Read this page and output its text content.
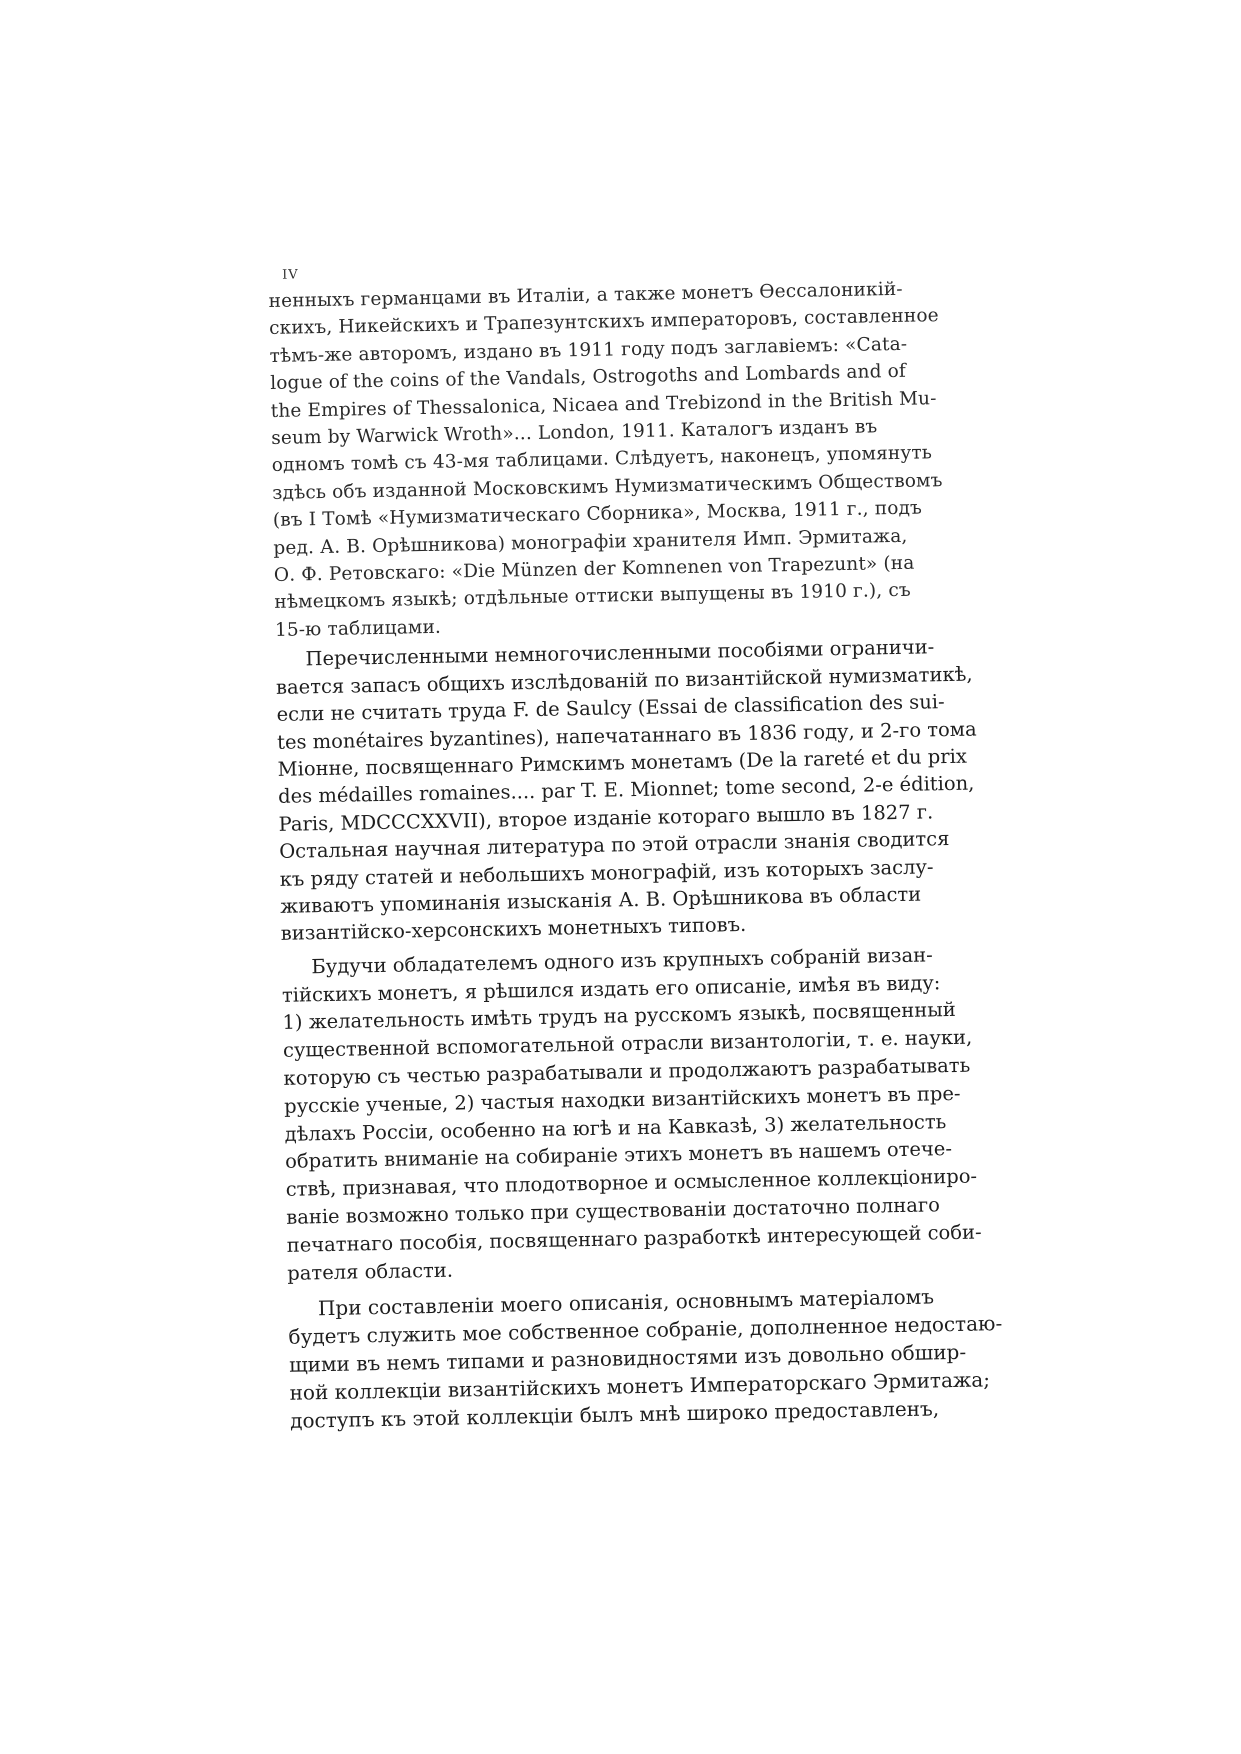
IV

ненныхъ германцами въ Италіи, а также монетъ Ѳессалоникій-
скихъ, Никейскихъ и Трапезунтскихъ императоровъ, составленное
тѣмъ-же авторомъ, издано въ 1911 году подъ заглавіемъ: «Cata-
logue of the coins of the Vandals, Ostrogoths and Lombards and of
the Empires of Thessalonica, Nicaea and Trebizond in the British Mu-
seum by Warwick Wroth»... London, 1911. Каталогъ изданъ въ
одномъ томѣ съ 43-мя таблицами. Слѣдуетъ, наконецъ, упомянуть
здѣсь объ изданной Московскимъ Нумизматическимъ Обществомъ
(въ I Томѣ «Нумизматическаго Сборника», Москва, 1911 г., подъ
ред. А. В. Орѣшникова) монографіи хранителя Имп. Эрмитажа,
О. Ф. Ретовскаго: «Die Münzen der Komnenen von Trapezunt» (на
нѣмецкомъ языкѣ; отдѣльные оттиски выпущены въ 1910 г.), съ
15-ю таблицами.

Перечисленными немногочисленными пособіями ограничи-
вается запасъ общихъ изслѣдованій по византійской нумизматикѣ,
если не считать труда F. de Saulcy (Essai de classification des sui-
tes monétaires byzantines), напечатаннаго въ 1836 году, и 2-го тома
Міонне, посвященнаго Римскимъ монетамъ (De la rareté et du prix
des médailles romaines.... par T. E. Mionnet; tome second, 2-e édition,
Paris, MDCCCXXVII), второе изданіе котораго вышло въ 1827 г.
Остальная научная литература по этой отрасли знанія сводится
къ ряду статей и небольшихъ монографій, изъ которыхъ заслу-
живаютъ упоминанія изысканія А. В. Орѣшникова въ области
византійско-херсонскихъ монетныхъ типовъ.

Будучи обладателемъ одного изъ крупныхъ собраній визан-
тійскихъ монетъ, я рѣшился издать его описаніе, имѣя въ виду:
1) желательность имѣть трудъ на русскомъ языкѣ, посвященный
существенной вспомогательной отрасли византологіи, т. е. науки,
которую съ честью разрабатывали и продолжаютъ разрабатывать
русскіе ученые, 2) частыя находки византійскихъ монетъ въ пре-
дѣлахъ Россіи, особенно на югѣ и на Кавказѣ, 3) желательность
обратить вниманіе на собираніе этихъ монетъ въ нашемъ отече-
ствѣ, признавая, что плодотворное и осмысленное коллекціониро-
ваніе возможно только при существованіи достаточно полнаго
печатнаго пособія, посвященнаго разработкѣ интересующей соби-
рателя области.

При составленіи моего описанія, основнымъ матеріаломъ
будетъ служить мое собственное собраніе, дополненное недостаю-
щими въ немъ типами и разновидностями изъ довольно обшир-
ной коллекціи византійскихъ монетъ Императорскаго Эрмитажа;
доступъ къ этой коллекціи былъ мнѣ широко предоставленъ,
